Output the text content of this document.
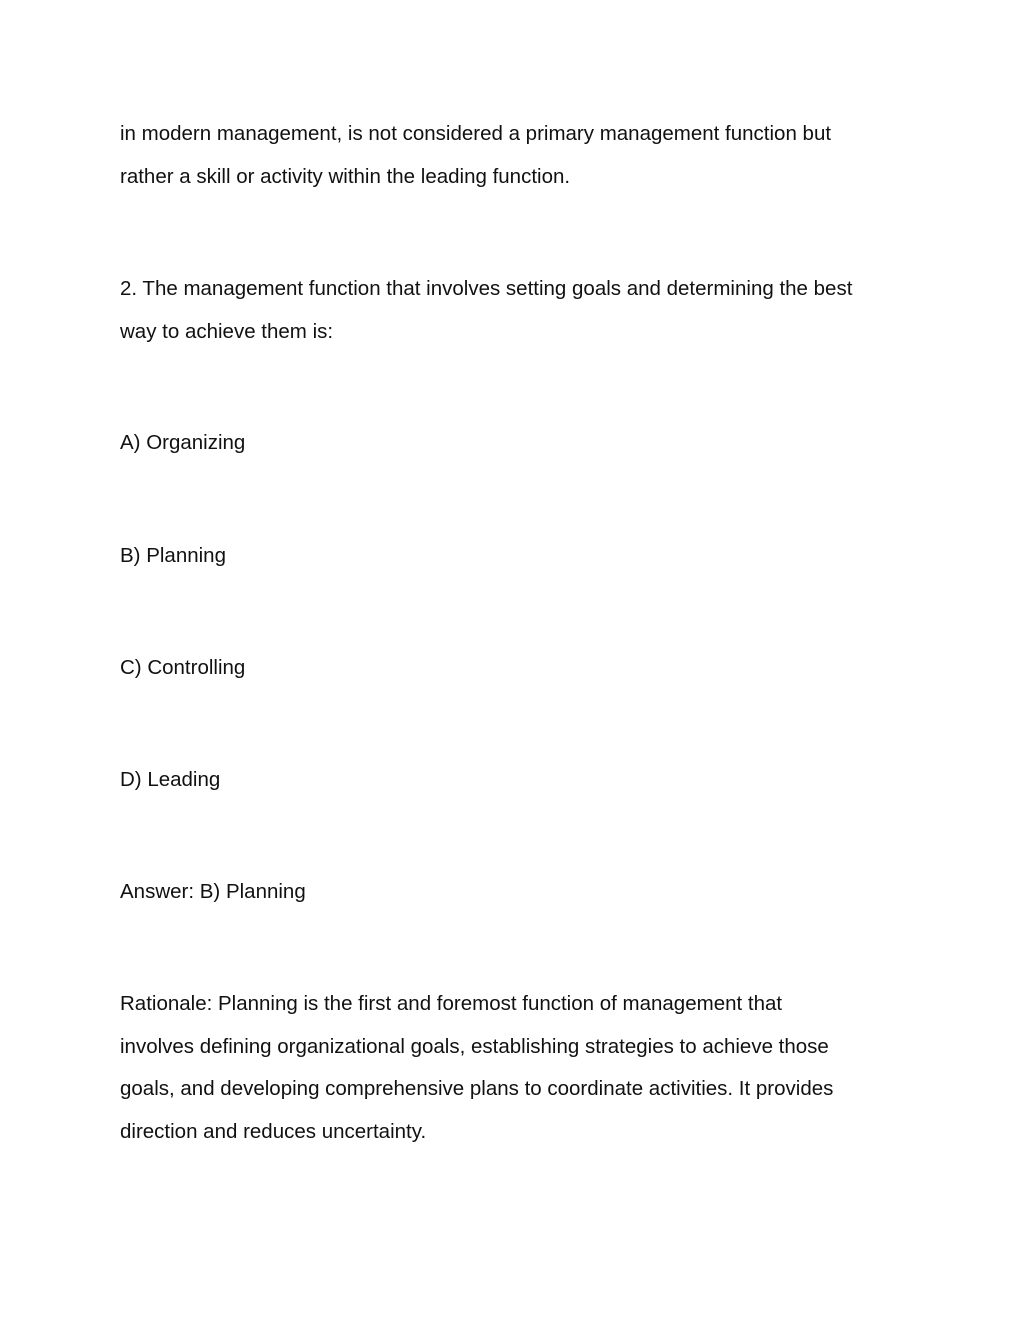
in modern management, is not considered a primary management function but
rather a skill or activity within the leading function.

2. The management function that involves setting goals and determining the best
way to achieve them is:

A) Organizing

B) Planning

C) Controlling

D) Leading

Answer: B) Planning

Rationale: Planning is the first and foremost function of management that
involves defining organizational goals, establishing strategies to achieve those
goals, and developing comprehensive plans to coordinate activities. It provides
direction and reduces uncertainty.
